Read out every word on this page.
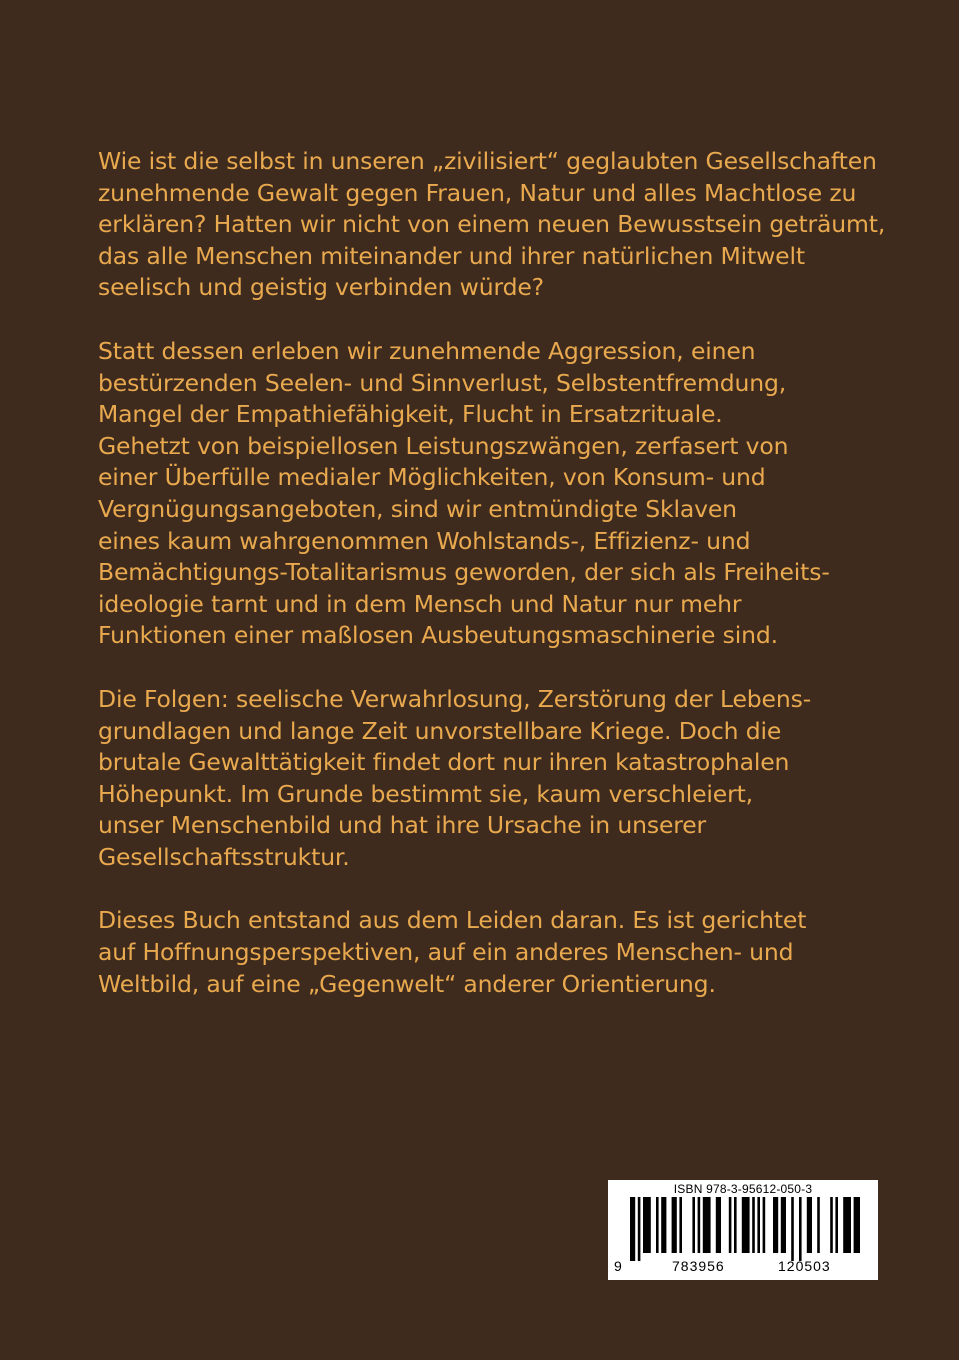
Wie ist die selbst in unseren „zivilisiert“ geglaubten Gesellschaften
zunehmende Gewalt gegen Frauen, Natur und alles Machtlose zu
erklären? Hatten wir nicht von einem neuen Bewusstsein geträumt,
das alle Menschen miteinander und ihrer natürlichen Mitwelt
seelisch und geistig verbinden würde?
Statt dessen erleben wir zunehmende Aggression, einen
bestürzenden Seelen- und Sinnverlust, Selbstentfremdung,
Mangel der Empathiefähigkeit, Flucht in Ersatzrituale.
Gehetzt von beispiellosen Leistungszwängen, zerfasert von
einer Überfülle medialer Möglichkeiten, von Konsum- und
Vergnügungsangeboten, sind wir entmündigte Sklaven
eines kaum wahrgenommen Wohlstands-, Effizienz- und
Bemächtigungs-Totalitarismus geworden, der sich als Freiheits-
ideologie tarnt und in dem Mensch und Natur nur mehr
Funktionen einer maßlosen Ausbeutungsmaschinerie sind.
Die Folgen: seelische Verwahrlosung, Zerstörung der Lebens-
grundlagen und lange Zeit unvorstellbare Kriege. Doch die
brutale Gewalttätigkeit findet dort nur ihren katastrophalen
Höhepunkt. Im Grunde bestimmt sie, kaum verschleiert,
unser Menschenbild und hat ihre Ursache in unserer
Gesellschaftsstruktur.
Dieses Buch entstand aus dem Leiden daran. Es ist gerichtet
auf Hoffnungsperspektiven, auf ein anderes Menschen- und
Weltbild, auf eine „Gegenwelt“ anderer Orientierung.
ISBN 978-3-95612-050-3
9	783956	120503
